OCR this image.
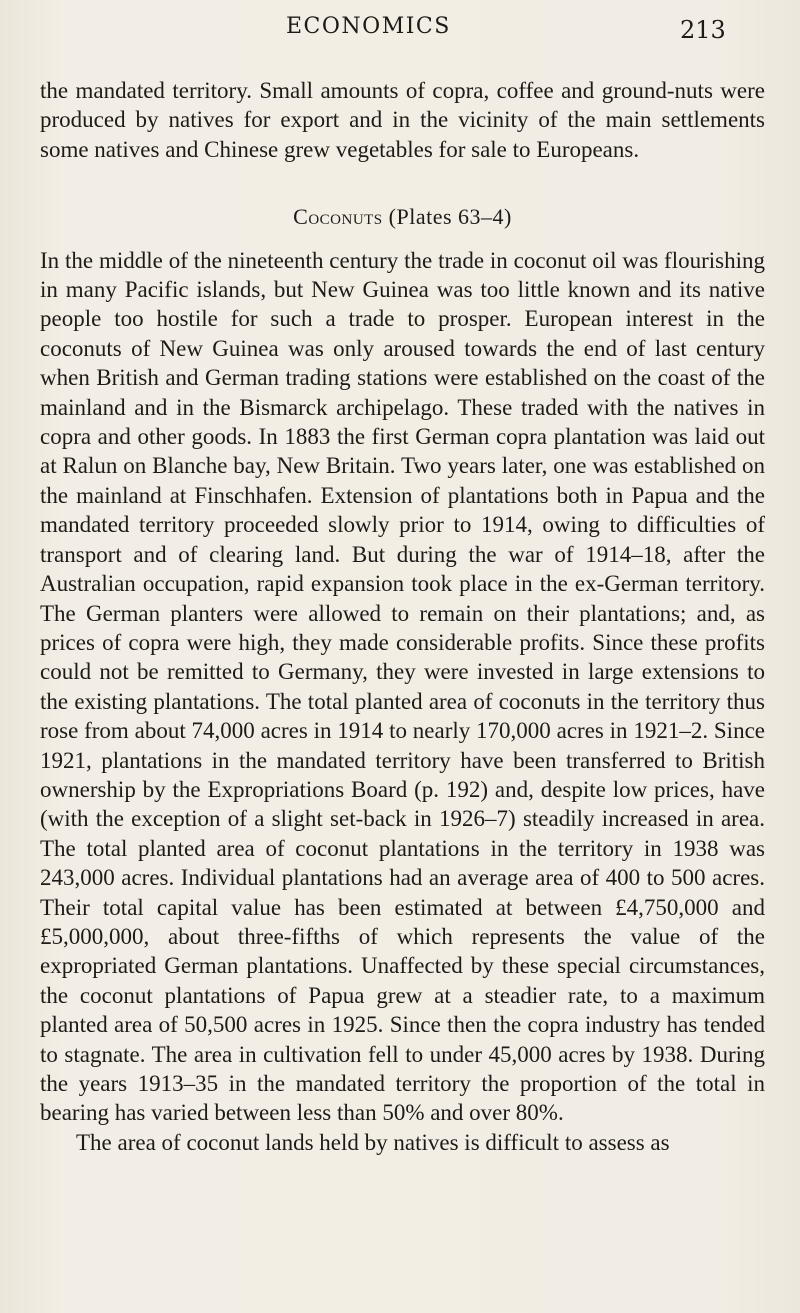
ECONOMICS	213

the mandated territory. Small amounts of copra, coffee and ground-nuts were produced by natives for export and in the vicinity of the main settlements some natives and Chinese grew vegetables for sale to Europeans.

Coconuts (Plates 63–4)

In the middle of the nineteenth century the trade in coconut oil was flourishing in many Pacific islands, but New Guinea was too little known and its native people too hostile for such a trade to prosper. European interest in the coconuts of New Guinea was only aroused towards the end of last century when British and German trading stations were established on the coast of the mainland and in the Bismarck archipelago. These traded with the natives in copra and other goods. In 1883 the first German copra plantation was laid out at Ralun on Blanche bay, New Britain. Two years later, one was established on the mainland at Finschhafen. Extension of plantations both in Papua and the mandated territory proceeded slowly prior to 1914, owing to difficulties of transport and of clearing land. But during the war of 1914–18, after the Australian occupation, rapid expansion took place in the ex-German territory. The German planters were allowed to remain on their plantations; and, as prices of copra were high, they made considerable profits. Since these profits could not be remitted to Germany, they were invested in large extensions to the existing plantations. The total planted area of coconuts in the territory thus rose from about 74,000 acres in 1914 to nearly 170,000 acres in 1921–2. Since 1921, plantations in the mandated territory have been transferred to British ownership by the Expropriations Board (p. 192) and, despite low prices, have (with the exception of a slight set-back in 1926–7) steadily increased in area. The total planted area of coconut plantations in the territory in 1938 was 243,000 acres. Individual plantations had an average area of 400 to 500 acres. Their total capital value has been estimated at between £4,750,000 and £5,000,000, about three-fifths of which represents the value of the expropriated German plantations. Unaffected by these special circumstances, the coconut plantations of Papua grew at a steadier rate, to a maximum planted area of 50,500 acres in 1925. Since then the copra industry has tended to stagnate. The area in cultivation fell to under 45,000 acres by 1938. During the years 1913–35 in the mandated territory the proportion of the total in bearing has varied between less than 50% and over 80%.

The area of coconut lands held by natives is difficult to assess as
